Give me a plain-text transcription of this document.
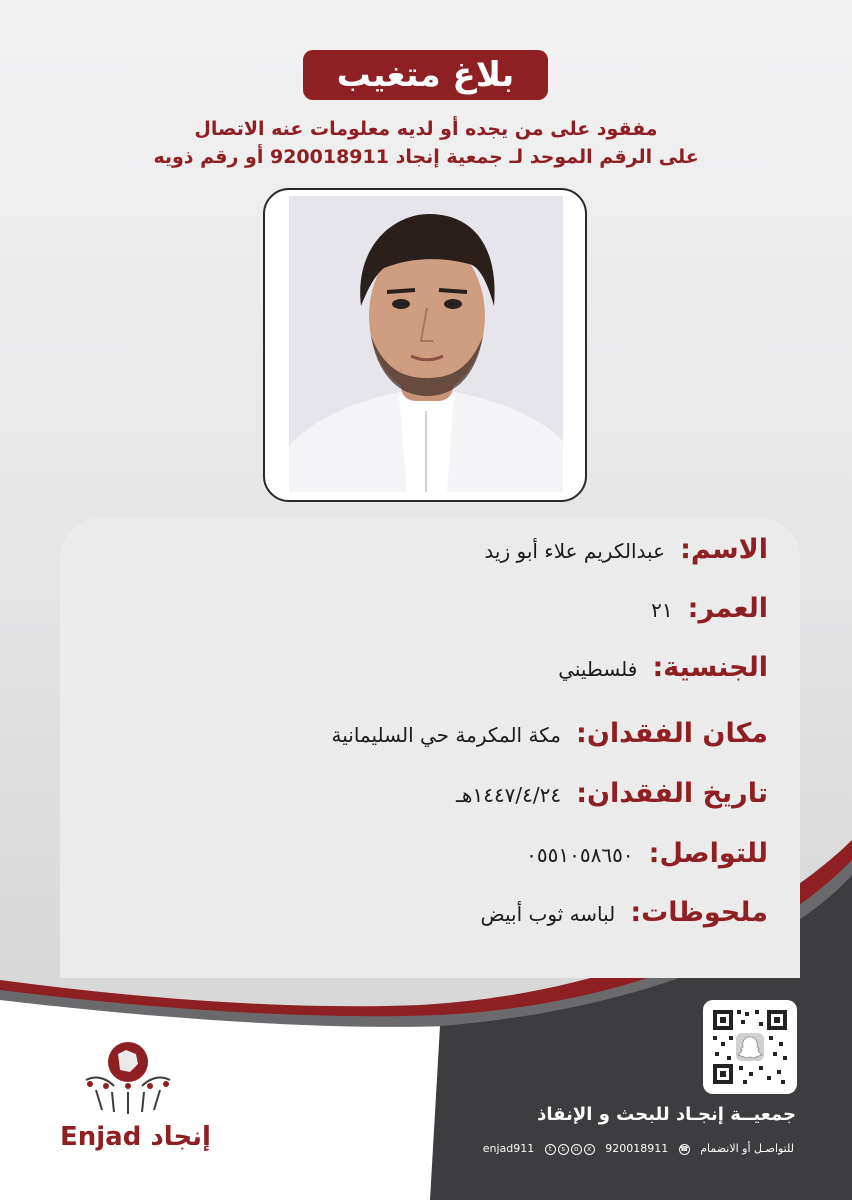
بلاغ متغيب
مفقود على من يجده أو لديه معلومات عنه الاتصال
على الرقم الموحد لـ جمعية إنجاد 920018911 أو رقم ذويه
الاسم: عبدالكريم علاء أبو زيد
العمر: ٢١
الجنسية: فلسطيني
مكان الفقدان: مكة المكرمة حي السليمانية
تاريخ الفقدان: ١٤٤٧/٤/٢٤هـ
للتواصل: ٠٥٥١٠٥٨٦٥٠
ملحوظات: لباسه ثوب أبيض
جمعيــة إنجـاد للبحث و الإنقاذ
للتواصـل أو الانضمام ☎ 920018911 xost enjad911
Enjad إنجاد
